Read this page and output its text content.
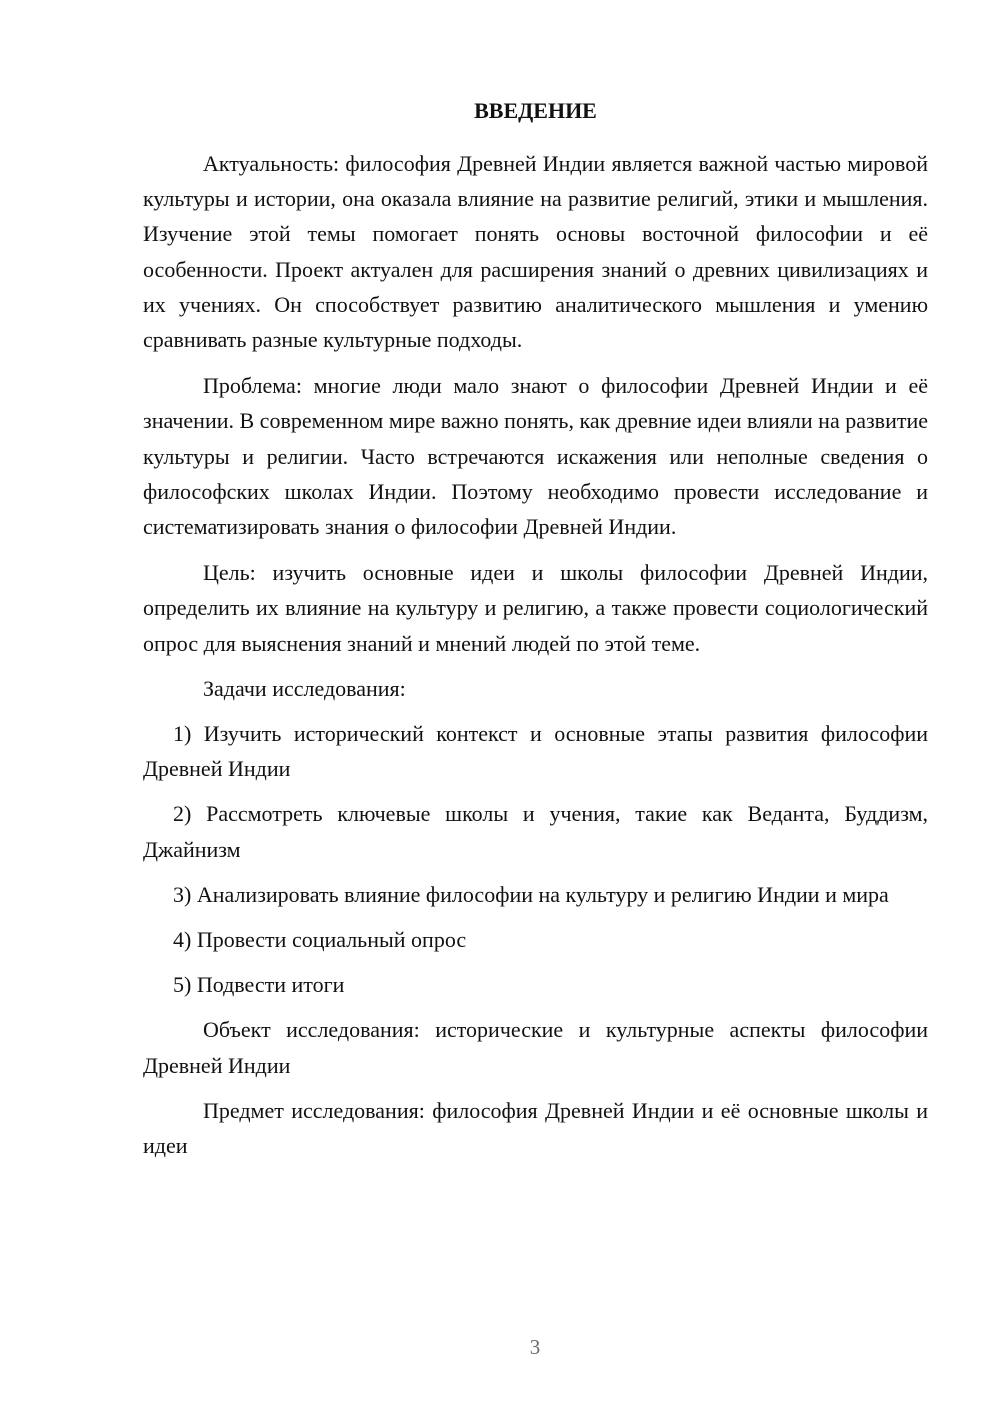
ВВЕДЕНИЕ

Актуальность: философия Древней Индии является важной частью мировой культуры и истории, она оказала влияние на развитие религий, этики и мышления. Изучение этой темы помогает понять основы восточной философии и её особенности. Проект актуален для расширения знаний о древних цивилизациях и их учениях. Он способствует развитию аналитического мышления и умению сравнивать разные культурные подходы.

Проблема: многие люди мало знают о философии Древней Индии и её значении. В современном мире важно понять, как древние идеи влияли на развитие культуры и религии. Часто встречаются искажения или неполные сведения о философских школах Индии. Поэтому необходимо провести исследование и систематизировать знания о философии Древней Индии.

Цель: изучить основные идеи и школы философии Древней Индии, определить их влияние на культуру и религию, а также провести социологический опрос для выяснения знаний и мнений людей по этой теме.

Задачи исследования:

1) Изучить исторический контекст и основные этапы развития философии Древней Индии

2) Рассмотреть ключевые школы и учения, такие как Веданта, Буддизм, Джайнизм

3) Анализировать влияние философии на культуру и религию Индии и мира

4) Провести социальный опрос

5) Подвести итоги

Объект исследования: исторические и культурные аспекты философии Древней Индии

Предмет исследования: философия Древней Индии и её основные школы и идеи

3
